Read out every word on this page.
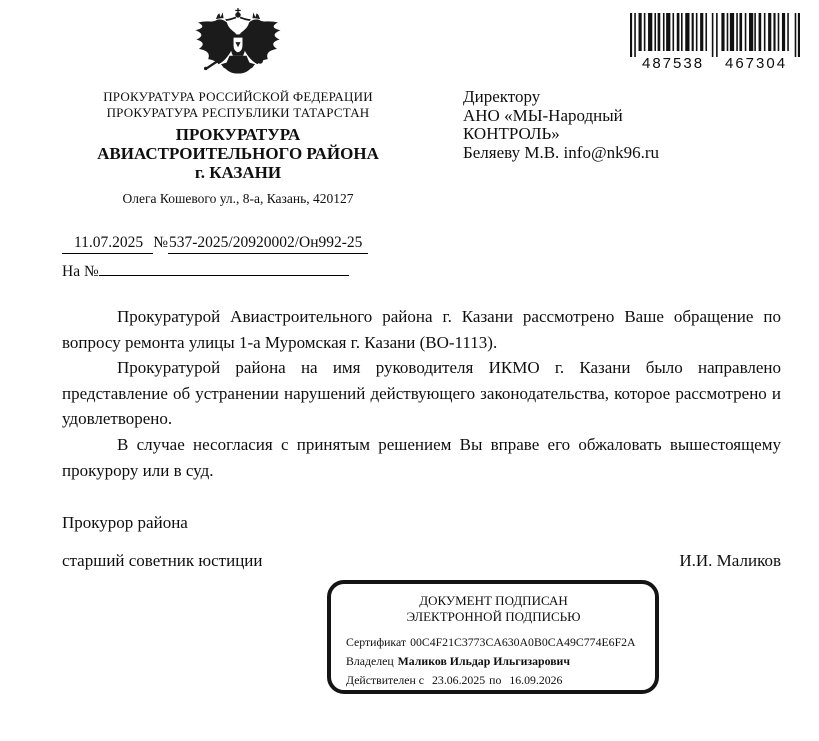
ПРОКУРАТУРА РОССИЙСКОЙ ФЕДЕРАЦИИ
ПРОКУРАТУРА РЕСПУБЛИКИ ТАТАРСТАН
ПРОКУРАТУРА
АВИАСТРОИТЕЛЬНОГО РАЙОНА
г. КАЗАНИ
Олега Кошевого ул., 8-а, Казань, 420127
487538 467304
Директору
АНО «МЫ-Народный
КОНТРОЛЬ»
Беляеву М.В. info@nk96.ru
11.07.2025 №537-2025/20920002/Он992-25
На №

Прокуратурой Авиастроительного района г. Казани рассмотрено Ваше обращение по вопросу ремонта улицы 1-а Муромская г. Казани (ВО-1113).

Прокуратурой района на имя руководителя ИКМО г. Казани было направлено представление об устранении нарушений действующего законодательства, которое рассмотрено и удовлетворено.

В случае несогласия с принятым решением Вы вправе его обжаловать вышестоящему прокурору или в суд.

Прокурор района
старший советник юстиции	И.И. Маликов
ДОКУМЕНТ ПОДПИСАН
ЭЛЕКТРОННОЙ ПОДПИСЬЮ
Сертификат 00C4F21C3773CA630A0B0CA49C774E6F2A
Владелец Маликов Ильдар Ильгизарович
Действителен с 23.06.2025 по 16.09.2026
